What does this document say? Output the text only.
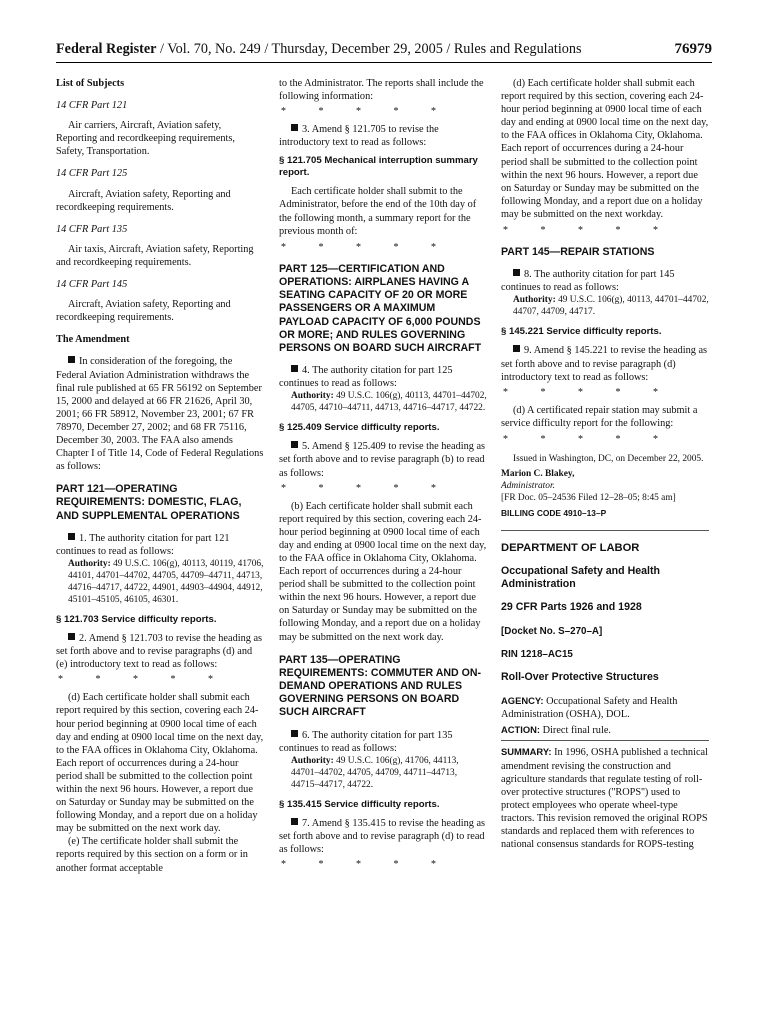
Federal Register / Vol. 70, No. 249 / Thursday, December 29, 2005 / Rules and Regulations	76979
List of Subjects
14 CFR Part 121
Air carriers, Aircraft, Aviation safety, Reporting and recordkeeping requirements, Safety, Transportation.
14 CFR Part 125
Aircraft, Aviation safety, Reporting and recordkeeping requirements.
14 CFR Part 135
Air taxis, Aircraft, Aviation safety, Reporting and recordkeeping requirements.
14 CFR Part 145
Aircraft, Aviation safety, Reporting and recordkeeping requirements.
The Amendment
In consideration of the foregoing, the Federal Aviation Administration withdraws the final rule published at 65 FR 56192 on September 15, 2000 and delayed at 66 FR 21626, April 30, 2001; 66 FR 58912, November 23, 2001; 67 FR 78970, December 27, 2002; and 68 FR 75116, December 30, 2003. The FAA also amends Chapter I of Title 14, Code of Federal Regulations as follows:
PART 121—OPERATING REQUIREMENTS: DOMESTIC, FLAG, AND SUPPLEMENTAL OPERATIONS
1. The authority citation for part 121 continues to read as follows:
Authority: 49 U.S.C. 106(g), 40113, 40119, 41706, 44101, 44701–44702, 44705, 44709–44711, 44713, 44716–44717, 44722, 44901, 44903–44904, 44912, 45101–45105, 46105, 46301.
§ 121.703 Service difficulty reports.
2. Amend § 121.703 to revise the heading as set forth above and to revise paragraphs (d) and (e) introductory text to read as follows:
* * * * *
(d) Each certificate holder shall submit each report required by this section, covering each 24-hour period beginning at 0900 local time of each day and ending at 0900 local time on the next day, to the FAA offices in Oklahoma City, Oklahoma. Each report of occurrences during a 24-hour period shall be submitted to the collection point within the next 96 hours. However, a report due on Saturday or Sunday may be submitted on the following Monday, and a report due on a holiday may be submitted on the next work day.
(e) The certificate holder shall submit the reports required by this section on a form or in another format acceptable
to the Administrator. The reports shall include the following information:
* * * * *
3. Amend § 121.705 to revise the introductory text to read as follows:
§ 121.705 Mechanical interruption summary report.
Each certificate holder shall submit to the Administrator, before the end of the 10th day of the following month, a summary report for the previous month of:
* * * * *
PART 125—CERTIFICATION AND OPERATIONS: AIRPLANES HAVING A SEATING CAPACITY OF 20 OR MORE PASSENGERS OR A MAXIMUM PAYLOAD CAPACITY OF 6,000 POUNDS OR MORE; AND RULES GOVERNING PERSONS ON BOARD SUCH AIRCRAFT
4. The authority citation for part 125 continues to read as follows:
Authority: 49 U.S.C. 106(g), 40113, 44701–44702, 44705, 44710–44711, 44713, 44716–44717, 44722.
§ 125.409 Service difficulty reports.
5. Amend § 125.409 to revise the heading as set forth above and to revise paragraph (b) to read as follows:
* * * * *
(b) Each certificate holder shall submit each report required by this section, covering each 24-hour period beginning at 0900 local time of each day and ending at 0900 local time on the next day, to the FAA office in Oklahoma City, Oklahoma. Each report of occurrences during a 24-hour period shall be submitted to the collection point within the next 96 hours. However, a report due on Saturday or Sunday may be submitted on the following Monday, and a report due on a holiday may be submitted on the next work day.
PART 135—OPERATING REQUIREMENTS: COMMUTER AND ON-DEMAND OPERATIONS AND RULES GOVERNING PERSONS ON BOARD SUCH AIRCRAFT
6. The authority citation for part 135 continues to read as follows:
Authority: 49 U.S.C. 106(g), 41706, 44113, 44701–44702, 44705, 44709, 44711–44713, 44715–44717, 44722.
§ 135.415 Service difficulty reports.
7. Amend § 135.415 to revise the heading as set forth above and to revise paragraph (d) to read as follows:
* * * * *
(d) Each certificate holder shall submit each report required by this section, covering each 24-hour period beginning at 0900 local time of each day and ending at 0900 local time on the next day, to the FAA offices in Oklahoma City, Oklahoma. Each report of occurrences during a 24-hour period shall be submitted to the collection point within the next 96 hours. However, a report due on Saturday or Sunday may be submitted on the following Monday, and a report due on a holiday may be submitted on the next workday.
* * * * *
PART 145—REPAIR STATIONS
8. The authority citation for part 145 continues to read as follows:
Authority: 49 U.S.C. 106(g), 40113, 44701–44702, 44707, 44709, 44717.
§ 145.221 Service difficulty reports.
9. Amend § 145.221 to revise the heading as set forth above and to revise paragraph (d) introductory text to read as follows:
* * * * *
(d) A certificated repair station may submit a service difficulty report for the following:
* * * * *
Issued in Washington, DC, on December 22, 2005.
Marion C. Blakey,
Administrator.
[FR Doc. 05–24536 Filed 12–28–05; 8:45 am]
BILLING CODE 4910–13–P
DEPARTMENT OF LABOR
Occupational Safety and Health Administration
29 CFR Parts 1926 and 1928
[Docket No. S–270–A]
RIN 1218–AC15
Roll-Over Protective Structures
AGENCY: Occupational Safety and Health Administration (OSHA), DOL.
ACTION: Direct final rule.
SUMMARY: In 1996, OSHA published a technical amendment revising the construction and agriculture standards that regulate testing of roll-over protective structures (''ROPS'') used to protect employees who operate wheel-type tractors. This revision removed the original ROPS standards and replaced them with references to national consensus standards for ROPS-testing
